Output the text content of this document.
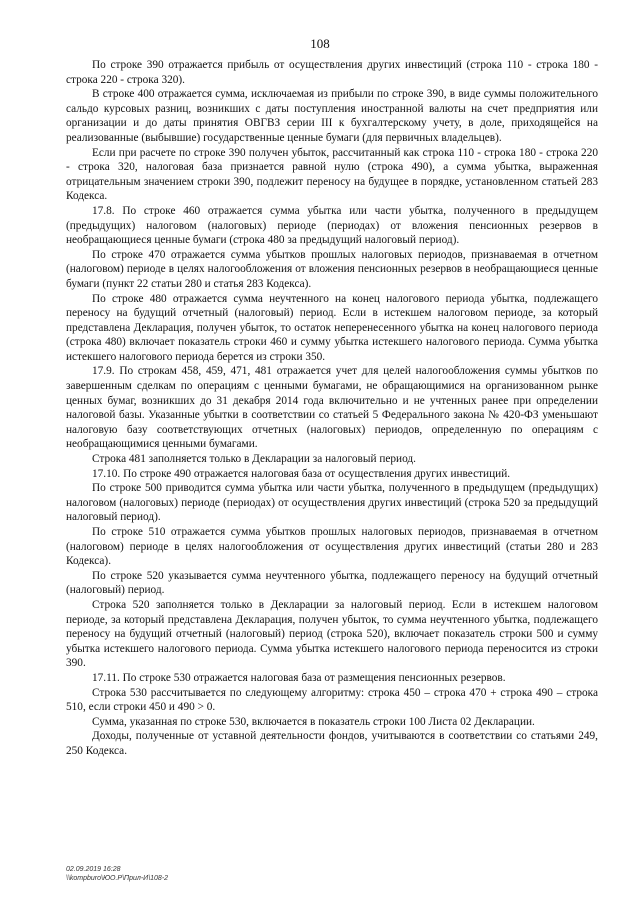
108

По строке 390 отражается прибыль от осуществления других инвестиций (строка 110 - строка 180 - строка 220 - строка 320).

В строке 400 отражается сумма, исключаемая из прибыли по строке 390, в виде суммы положительного сальдо курсовых разниц, возникших с даты поступления иностранной валюты на счет предприятия или организации и до даты принятия ОВГВЗ серии III к бухгалтерскому учету, в доле, приходящейся на реализованные (выбывшие) государственные ценные бумаги (для первичных владельцев).

Если при расчете по строке 390 получен убыток, рассчитанный как строка 110 - строка 180 - строка 220 - строка 320, налоговая база признается равной нулю (строка 490), а сумма убытка, выраженная отрицательным значением строки 390, подлежит переносу на будущее в порядке, установленном статьей 283 Кодекса.

17.8. По строке 460 отражается сумма убытка или части убытка, полученного в предыдущем (предыдущих) налоговом (налоговых) периоде (периодах) от вложения пенсионных резервов в необращающиеся ценные бумаги (строка 480 за предыдущий налоговый период).

По строке 470 отражается сумма убытков прошлых налоговых периодов, признаваемая в отчетном (налоговом) периоде в целях налогообложения от вложения пенсионных резервов в необращающиеся ценные бумаги (пункт 22 статьи 280 и статья 283 Кодекса).

По строке 480 отражается сумма неучтенного на конец налогового периода убытка, подлежащего переносу на будущий отчетный (налоговый) период. Если в истекшем налоговом периоде, за который представлена Декларация, получен убыток, то остаток неперенесенного убытка на конец налогового периода (строка 480) включает показатель строки 460 и сумму убытка истекшего налогового периода. Сумма убытка истекшего налогового периода берется из строки 350.

17.9. По строкам 458, 459, 471, 481 отражается учет для целей налогообложения суммы убытков по завершенным сделкам по операциям с ценными бумагами, не обращающимися на организованном рынке ценных бумаг, возникших до 31 декабря 2014 года включительно и не учтенных ранее при определении налоговой базы. Указанные убытки в соответствии со статьей 5 Федерального закона № 420-ФЗ уменьшают налоговую базу соответствующих отчетных (налоговых) периодов, определенную по операциям с необращающимися ценными бумагами.

Строка 481 заполняется только в Декларации за налоговый период.

17.10. По строке 490 отражается налоговая база от осуществления других инвестиций.

По строке 500 приводится сумма убытка или части убытка, полученного в предыдущем (предыдущих) налоговом (налоговых) периоде (периодах) от осуществления других инвестиций (строка 520 за предыдущий налоговый период).

По строке 510 отражается сумма убытков прошлых налоговых периодов, признаваемая в отчетном (налоговом) периоде в целях налогообложения от осуществления других инвестиций (статьи 280 и 283 Кодекса).

По строке 520 указывается сумма неучтенного убытка, подлежащего переносу на будущий отчетный (налоговый) период.

Строка 520 заполняется только в Декларации за налоговый период. Если в истекшем налоговом периоде, за который представлена Декларация, получен убыток, то сумма неучтенного убытка, подлежащего переносу на будущий отчетный (налоговый) период (строка 520), включает показатель строки 500 и сумму убытка истекшего налогового периода. Сумма убытка истекшего налогового периода переносится из строки 390.

17.11. По строке 530 отражается налоговая база от размещения пенсионных резервов.

Строка 530 рассчитывается по следующему алгоритму: строка 450 – строка 470 + строка 490 – строка 510, если строки 450 и 490 > 0.

Сумма, указанная по строке 530, включается в показатель строки 100 Листа 02 Декларации.

Доходы, полученные от уставной деятельности фондов, учитываются в соответствии со статьями 249, 250 Кодекса.

02.09.2019 16:28
\\kompburo\ЮО.Р\Прил-И\108-2
